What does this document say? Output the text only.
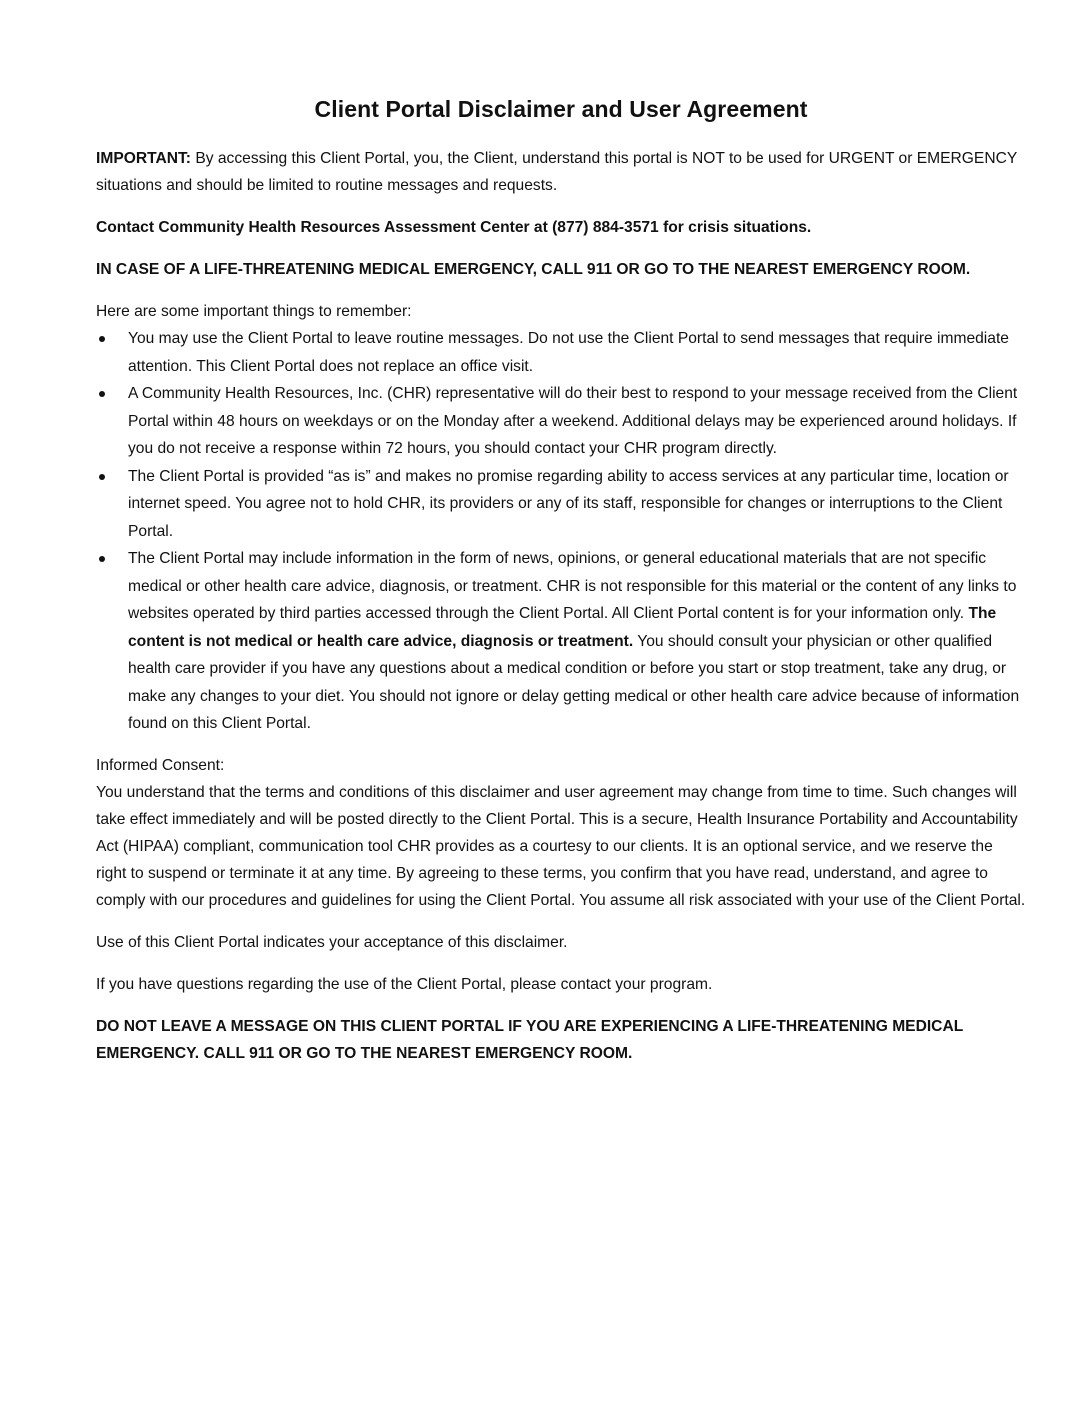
Client Portal Disclaimer and User Agreement

IMPORTANT: By accessing this Client Portal, you, the Client, understand this portal is NOT to be used for URGENT or EMERGENCY situations and should be limited to routine messages and requests.

Contact Community Health Resources Assessment Center at (877) 884-3571 for crisis situations.

IN CASE OF A LIFE-THREATENING MEDICAL EMERGENCY, CALL 911 OR GO TO THE NEAREST EMERGENCY ROOM.

Here are some important things to remember:

You may use the Client Portal to leave routine messages. Do not use the Client Portal to send messages that require immediate attention. This Client Portal does not replace an office visit.
A Community Health Resources, Inc. (CHR) representative will do their best to respond to your message received from the Client Portal within 48 hours on weekdays or on the Monday after a weekend. Additional delays may be experienced around holidays. If you do not receive a response within 72 hours, you should contact your CHR program directly.
The Client Portal is provided “as is” and makes no promise regarding ability to access services at any particular time, location or internet speed. You agree not to hold CHR, its providers or any of its staff, responsible for changes or interruptions to the Client Portal.
The Client Portal may include information in the form of news, opinions, or general educational materials that are not specific medical or other health care advice, diagnosis, or treatment. CHR is not responsible for this material or the content of any links to websites operated by third parties accessed through the Client Portal. All Client Portal content is for your information only. The content is not medical or health care advice, diagnosis or treatment. You should consult your physician or other qualified health care provider if you have any questions about a medical condition or before you start or stop treatment, take any drug, or make any changes to your diet. You should not ignore or delay getting medical or other health care advice because of information found on this Client Portal.

Informed Consent:
You understand that the terms and conditions of this disclaimer and user agreement may change from time to time. Such changes will take effect immediately and will be posted directly to the Client Portal. This is a secure, Health Insurance Portability and Accountability Act (HIPAA) compliant, communication tool CHR provides as a courtesy to our clients. It is an optional service, and we reserve the right to suspend or terminate it at any time. By agreeing to these terms, you confirm that you have read, understand, and agree to comply with our procedures and guidelines for using the Client Portal. You assume all risk associated with your use of the Client Portal.

Use of this Client Portal indicates your acceptance of this disclaimer.

If you have questions regarding the use of the Client Portal, please contact your program.

DO NOT LEAVE A MESSAGE ON THIS CLIENT PORTAL IF YOU ARE EXPERIENCING A LIFE-THREATENING MEDICAL EMERGENCY. CALL 911 OR GO TO THE NEAREST EMERGENCY ROOM.
